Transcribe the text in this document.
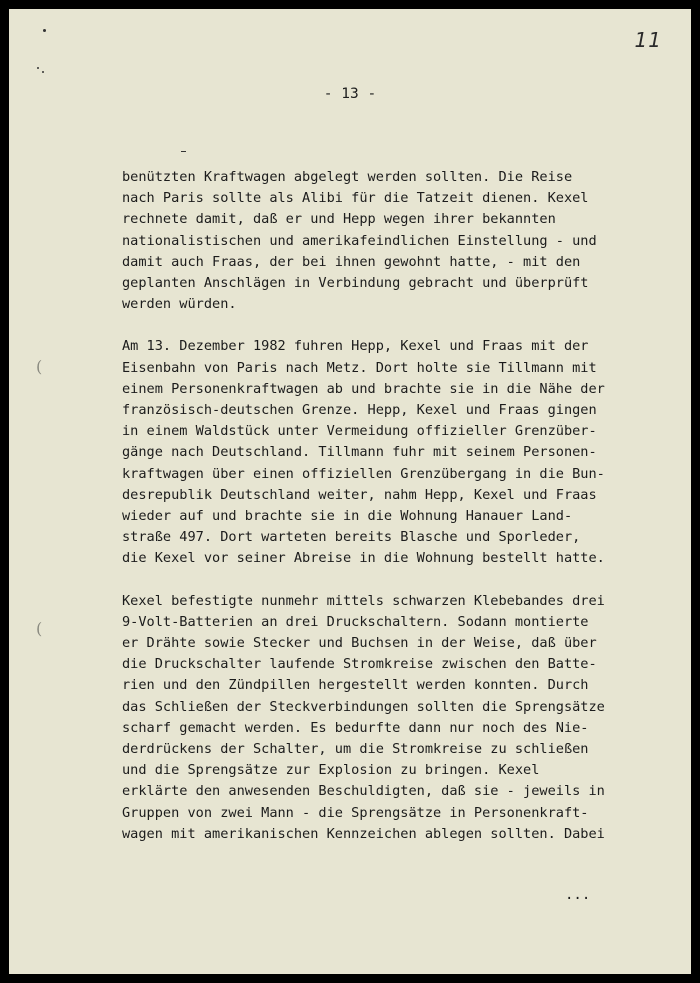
(
(
11
- 13 -
benützten Kraftwagen abgelegt werden sollten. Die Reise
nach Paris sollte als Alibi für die Tatzeit dienen. Kexel
rechnete damit, daß er und Hepp wegen ihrer bekannten
nationalistischen und amerikafeindlichen Einstellung - und
damit auch Fraas, der bei ihnen gewohnt hatte, - mit den
geplanten Anschlägen in Verbindung gebracht und überprüft
werden würden.
Am 13. Dezember 1982 fuhren Hepp, Kexel und Fraas mit der
Eisenbahn von Paris nach Metz. Dort holte sie Tillmann mit
einem Personenkraftwagen ab und brachte sie in die Nähe der
französisch-deutschen Grenze. Hepp, Kexel und Fraas gingen
in einem Waldstück unter Vermeidung offizieller Grenzüber-
gänge nach Deutschland. Tillmann fuhr mit seinem Personen-
kraftwagen über einen offiziellen Grenzübergang in die Bun-
desrepublik Deutschland weiter, nahm Hepp, Kexel und Fraas
wieder auf und brachte sie in die Wohnung Hanauer Land-
straße 497. Dort warteten bereits Blasche und Sporleder,
die Kexel vor seiner Abreise in die Wohnung bestellt hatte.
Kexel befestigte nunmehr mittels schwarzen Klebebandes drei
9-Volt-Batterien an drei Druckschaltern. Sodann montierte
er Drähte sowie Stecker und Buchsen in der Weise, daß über
die Druckschalter laufende Stromkreise zwischen den Batte-
rien und den Zündpillen hergestellt werden konnten. Durch
das Schließen der Steckverbindungen sollten die Sprengsätze
scharf gemacht werden. Es bedurfte dann nur noch des Nie-
derdrückens der Schalter, um die Stromkreise zu schließen
und die Sprengsätze zur Explosion zu bringen. Kexel
erklärte den anwesenden Beschuldigten, daß sie - jeweils in
Gruppen von zwei Mann - die Sprengsätze in Personenkraft-
wagen mit amerikanischen Kennzeichen ablegen sollten. Dabei
...
